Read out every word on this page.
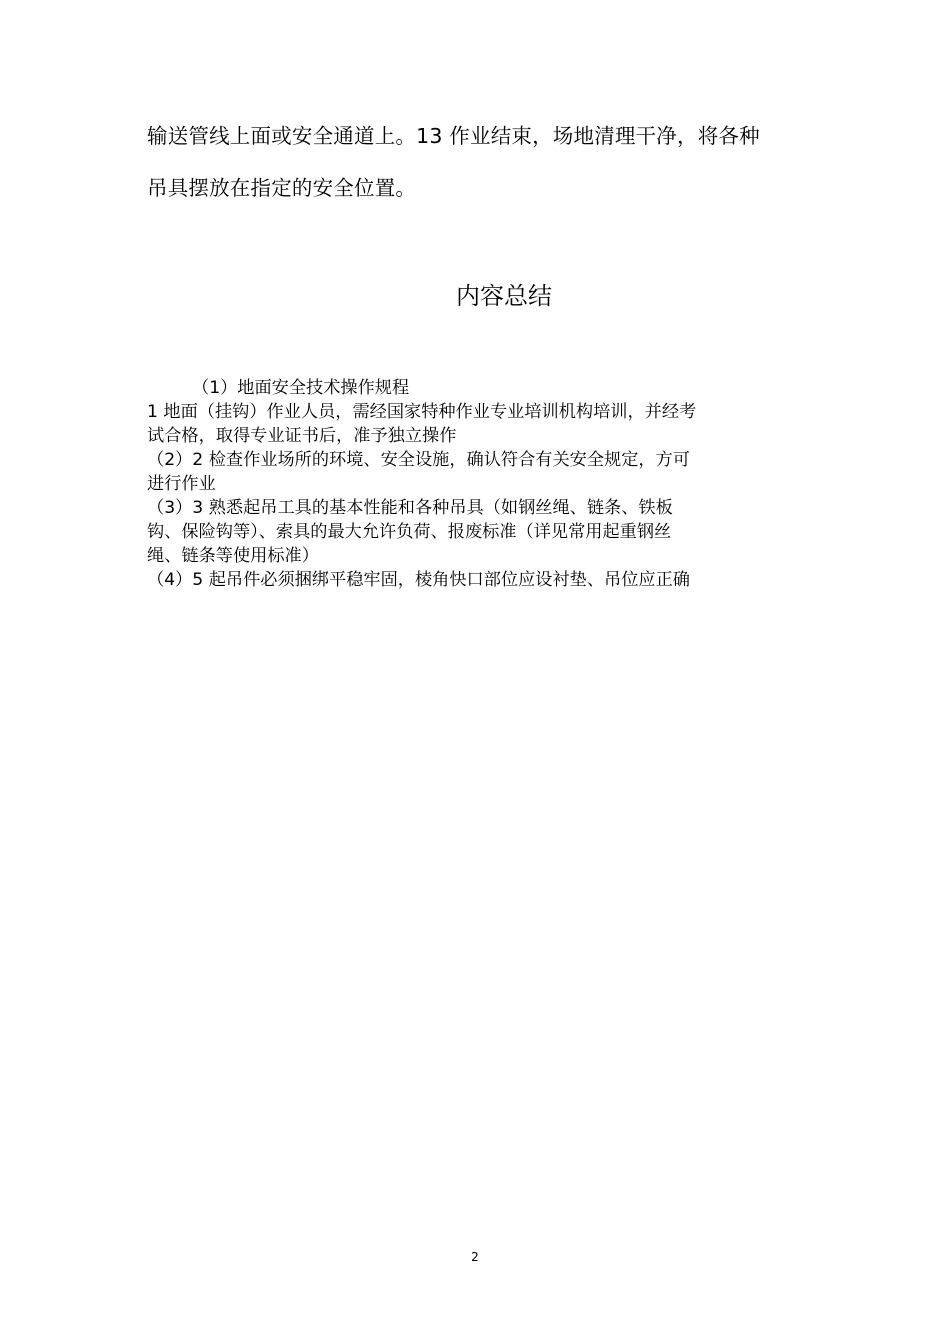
输送管线上面或安全通道上。13 作业结束，场地清理干净，将各种
吊具摆放在指定的安全位置。
内容总结
（1）地面安全技术操作规程
1 地面（挂钩）作业人员，需经国家特种作业专业培训机构培训，并经考
试合格，取得专业证书后，准予独立操作
（2）2 检查作业场所的环境、安全设施，确认符合有关安全规定，方可
进行作业
（3）3 熟悉起吊工具的基本性能和各种吊具（如钢丝绳、链条、铁板
钩、保险钩等）、索具的最大允许负荷、报废标准（详见常用起重钢丝
绳、链条等使用标准）
（4）5 起吊件必须捆绑平稳牢固，棱角快口部位应设衬垫、吊位应正确
2
